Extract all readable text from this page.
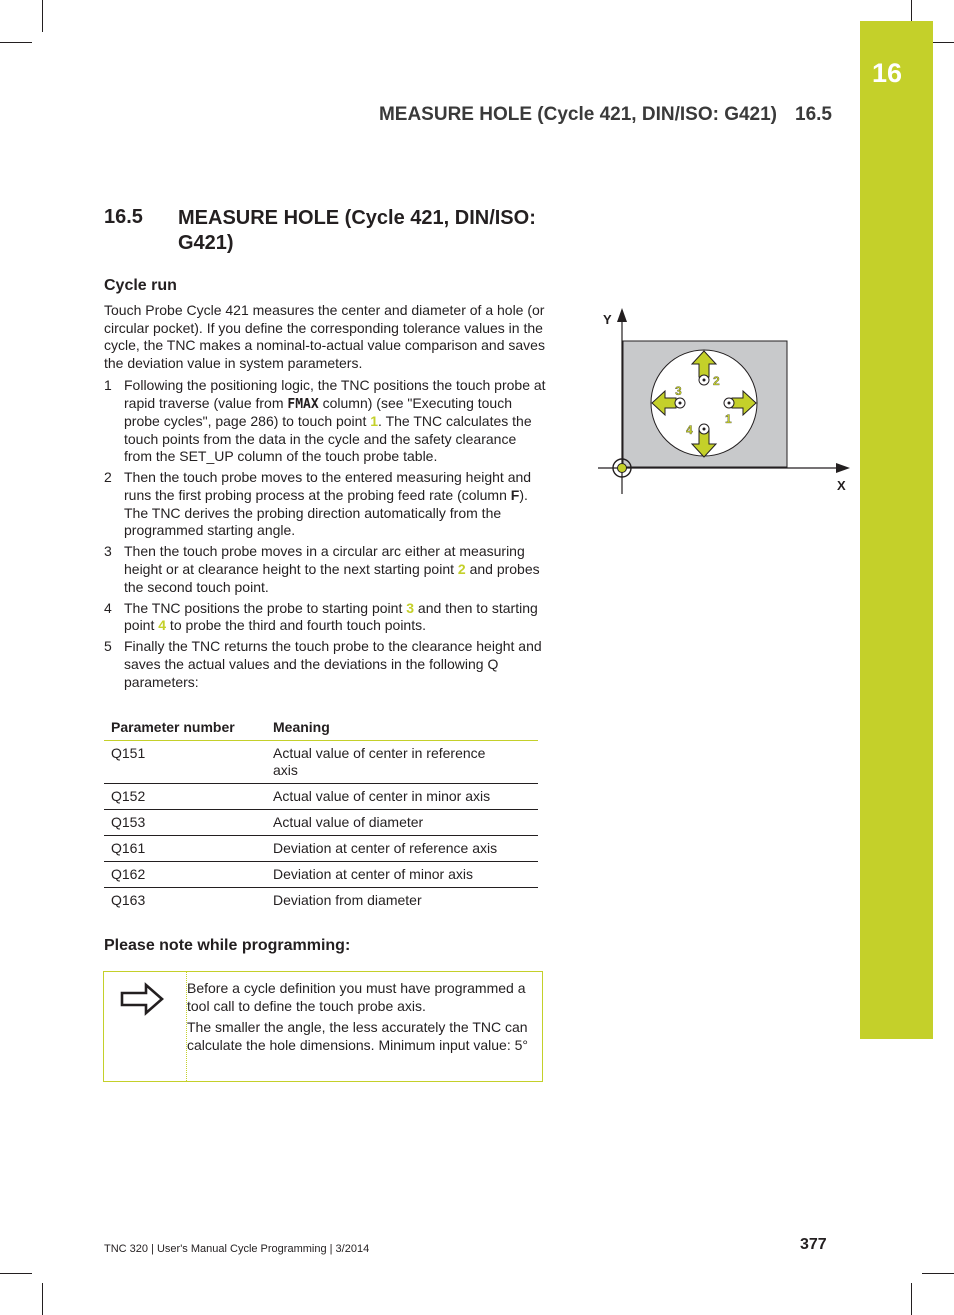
16
MEASURE HOLE (Cycle 421, DIN/ISO: G421) 16.5
16.5 MEASURE HOLE (Cycle 421, DIN/ISO: G421)
Cycle run
Touch Probe Cycle 421 measures the center and diameter of a hole (or circular pocket). If you define the corresponding tolerance values in the cycle, the TNC makes a nominal-to-actual value comparison and saves the deviation value in system parameters.
1 Following the positioning logic, the TNC positions the touch probe at rapid traverse (value from FMAX column) (see "Executing touch probe cycles", page 286) to touch point 1. The TNC calculates the touch points from the data in the cycle and the safety clearance from the SET_UP column of the touch probe table.
2 Then the touch probe moves to the entered measuring height and runs the first probing process at the probing feed rate (column F). The TNC derives the probing direction automatically from the programmed starting angle.
3 Then the touch probe moves in a circular arc either at measuring height or at clearance height to the next starting point 2 and probes the second touch point.
4 The TNC positions the probe to starting point 3 and then to starting point 4 to probe the third and fourth touch points.
5 Finally the TNC returns the touch probe to the clearance height and saves the actual values and the deviations in the following Q parameters:
Parameter number	Meaning
Q151	Actual value of center in reference axis
Q152	Actual value of center in minor axis
Q153	Actual value of diameter
Q161	Deviation at center of reference axis
Q162	Deviation at center of minor axis
Q163	Deviation from diameter
Please note while programming:

Before a cycle definition you must have programmed a tool call to define the touch probe axis.

The smaller the angle, the less accurately the TNC can calculate the hole dimensions. Minimum input value: 5°

Y
X
1
2
3
4
TNC 320 | User's Manual Cycle Programming | 3/2014	377
